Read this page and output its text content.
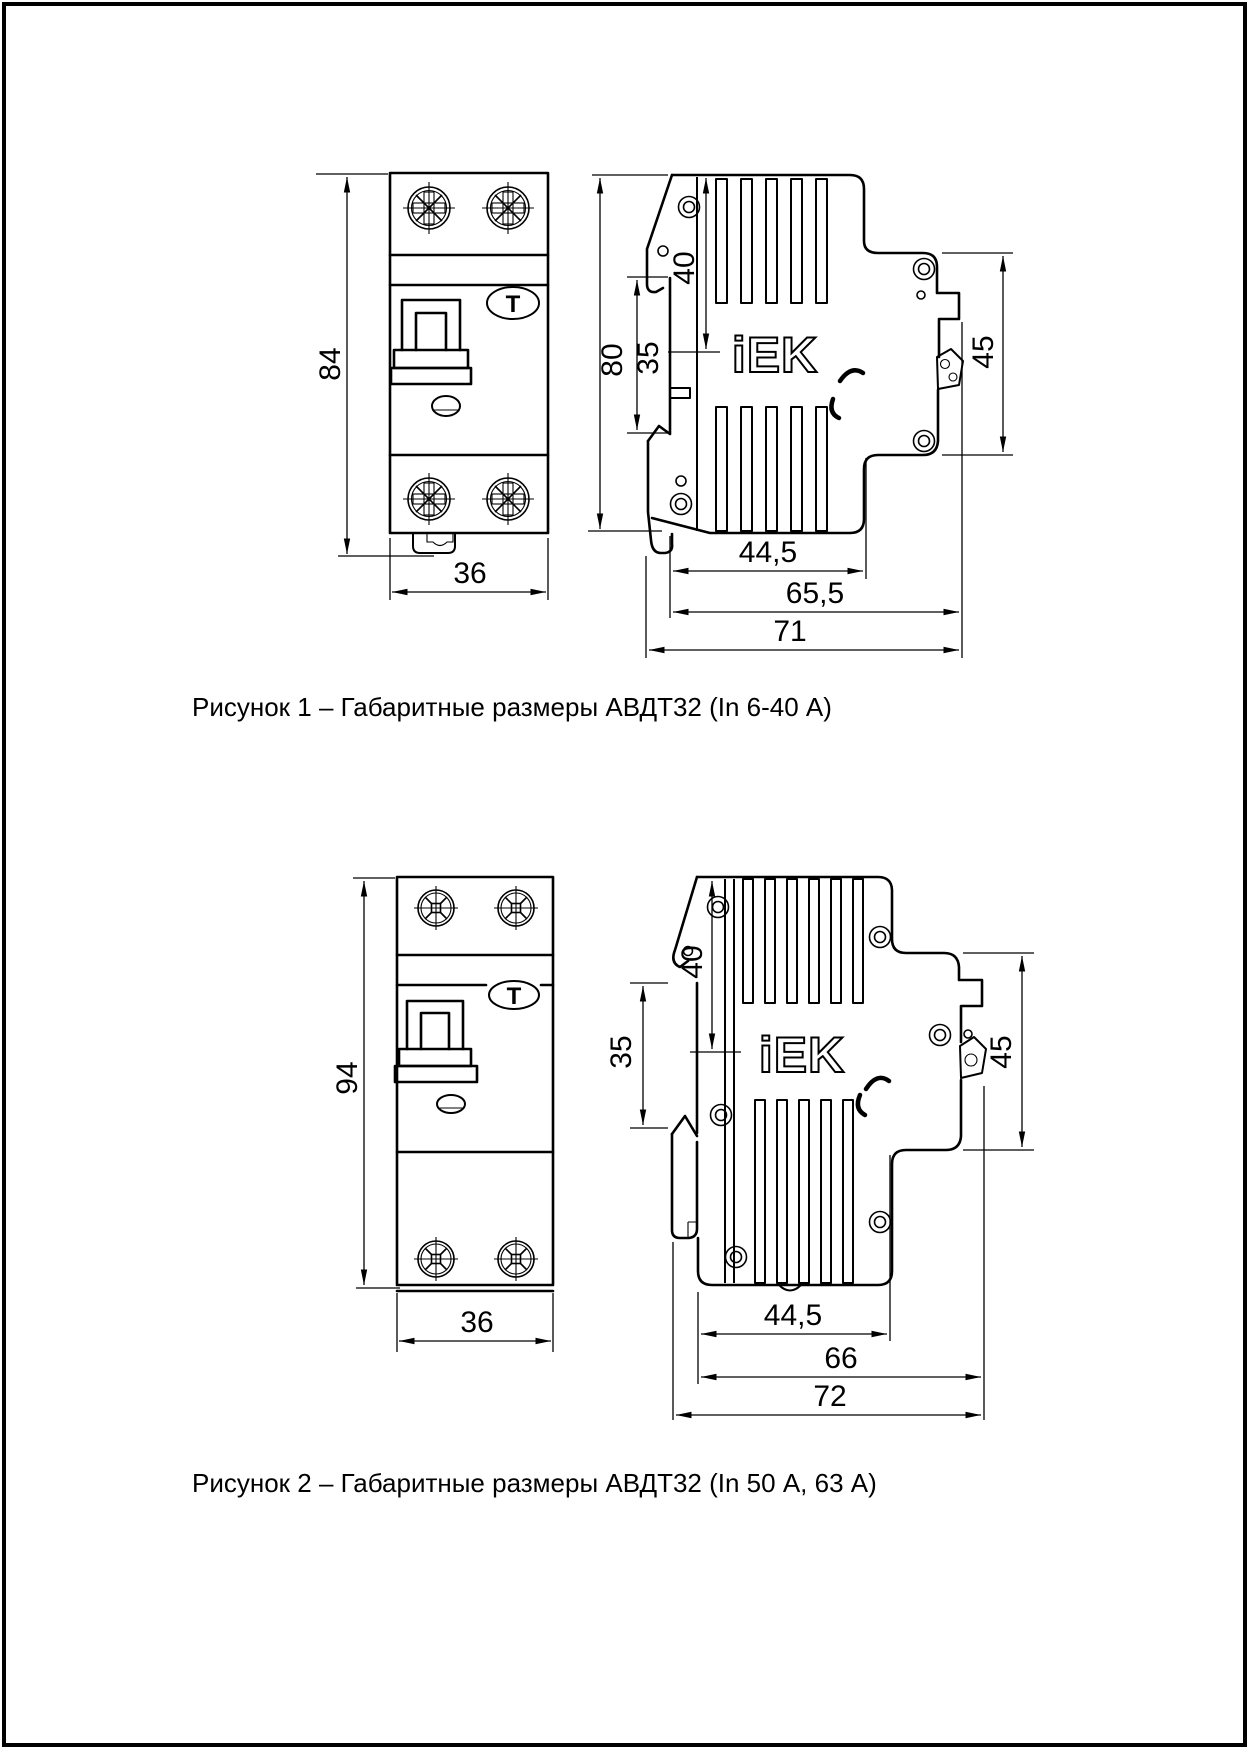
Т
84
36
iEK
80
40
35	45
44,5
65,5
71
Т
94
36
iEK
40
35	45
44,5
66
72
Рисунок 1 – Габаритные размеры АВДТ32 (In 6-40 А)
Рисунок 2 – Габаритные размеры АВДТ32 (In 50 А, 63 А)
